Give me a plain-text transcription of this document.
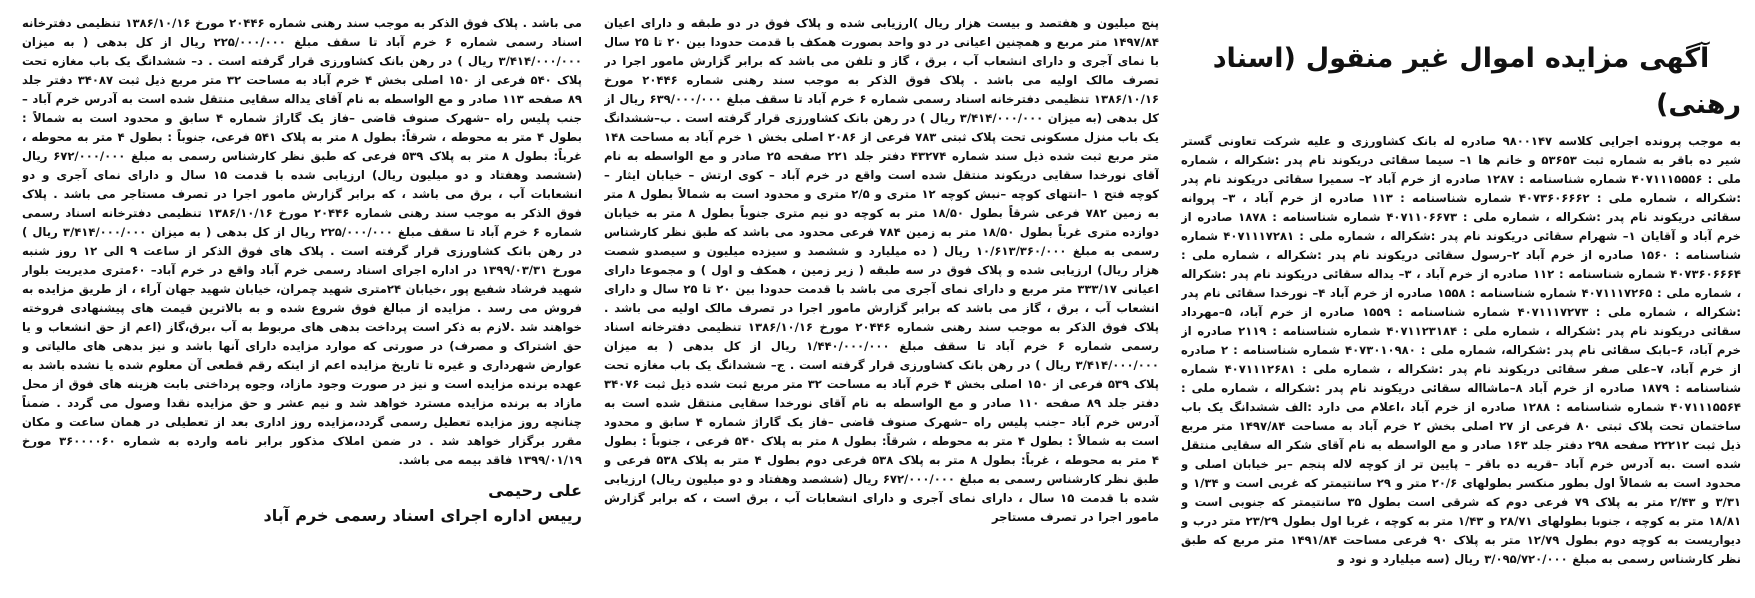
آگهی مزایده اموال غیر منقول (اسناد رهنی)

به موجب پرونده اجرایی کلاسه ۹۸۰۰۱۴۷ صادره له بانک کشاورزی و علیه شرکت تعاونی گستر شیر ده باقر به شماره ثبت ۵۳۶۵۳ و خانم ها ۱– سیما سقائی دریکوند نام پدر :شکراله ، شماره ملی : ۴۰۷۱۱۱۵۵۵۶ شماره شناسنامه : ۱۲۸۷ صادره از خرم آباد ۲– سمیرا سقائی دریکوند نام پدر :شکراله ، شماره ملی : ۴۰۷۳۶۰۶۶۶۲ شماره شناسنامه : ۱۱۳ صادره از خرم آباد ، ۳– پروانه سقائی دریکوند نام پدر :شکراله ، شماره ملی : ۴۰۷۱۱۰۶۶۷۳ شماره شناسنامه : ۱۸۷۸ صادره از خرم آباد و آقایان ۱– شهرام سقائی دریکوند نام پدر :شکراله ، شماره ملی : ۴۰۷۱۱۱۷۲۸۱ شماره شناسنامه : ۱۵۶۰ صادره از خرم آباد ۲–رسول سقائی دریکوند نام پدر :شکراله ، شماره ملی : ۴۰۷۳۶۰۶۶۶۴ شماره شناسنامه : ۱۱۲ صادره از خرم آباد ، ۳– یداله سقائی دریکوند نام پدر :شکراله ، شماره ملی : ۴۰۷۱۱۱۷۲۶۵ شماره شناسنامه : ۱۵۵۸ صادره از خرم آباد ۴– نورخدا سقائی نام پدر :شکراله ، شماره ملی : ۴۰۷۱۱۱۷۲۷۳ شماره شناسنامه : ۱۵۵۹ صادره از خرم آباد، ۵–مهرداد سقائی دریکوند نام پدر :شکراله ، شماره ملی : ۴۰۷۱۱۲۳۱۸۴ شماره شناسنامه : ۲۱۱۹ صادره از خرم آباد، ۶–بابک سقائی نام پدر :شکراله، شماره ملی : ۴۰۷۳۰۱۰۹۸۰ شماره شناسنامه : ۲ صادره از خرم آباد، ۷–علی صفر سقائی دریکوند نام پدر :شکراله ، شماره ملی : ۴۰۷۱۱۱۲۶۸۱ شماره شناسنامه : ۱۸۷۹ صادره از خرم آباد ۸–ماشااله سقائی دریکوند نام پدر :شکراله ، شماره ملی : ۴۰۷۱۱۱۵۵۶۴ شماره شناسنامه : ۱۲۸۸ صادره از خرم آباد ،اعلام می دارد :الف ششدانگ یک باب ساختمان تحت پلاک ثبتی ۸۰ فرعی از ۲۷ اصلی بخش ۲ خرم آباد به مساحت ۱۴۹۷/۸۴ متر مربع ذیل ثبت ۲۲۲۱۲ صفحه ۲۹۸ دفتر جلد ۱۶۳ صادر و مع الواسطه به نام آقای شکر اله سقایی منتقل شده است .به آدرس خرم آباد –قریه ده باقر – پایین تر از کوچه لاله پنجم –بر خیابان اصلی و محدود است به شمالاً اول بطور منکسر بطولهای ۲۰/۶ متر و ۲۹ سانتیمتر که غربی است و ۱/۳۴ و ۳/۳۱ و ۲/۴۳ متر به پلاک ۷۹ فرعی دوم که شرقی است بطول ۳۵ سانتیمتر که جنوبی است و ۱۸/۸۱ متر به کوچه ، جنوبا بطولهای ۲۸/۷۱ و ۱/۴۳ متر به کوچه ، غربا اول بطول ۲۳/۲۹ متر درب و دیواریست به کوچه دوم بطول ۱۲/۷۹ متر به پلاک ۹۰ فرعی مساحت ۱۴۹۱/۸۴ متر مربع که طبق نظر کارشناس رسمی به مبلغ ۳/۰۹۵/۷۲۰/۰۰۰ ریال (سه میلیارد و نود و

پنج میلیون و هفتصد و بیست هزار ریال )ارزیابی شده و پلاک فوق در دو طبقه و دارای اعیان ۱۴۹۷/۸۴ متر مربع و همچنین اعیانی در دو واحد بصورت همکف با قدمت حدودا بین ۲۰ تا ۲۵ سال با نمای آجری و دارای انشعاب آب ، برق ، گاز و تلفن می باشد که برابر گزارش مامور اجرا در تصرف مالک اولیه می باشد . پلاک فوق الذکر به موجب سند رهنی شماره ۲۰۴۴۶ مورخ ۱۳۸۶/۱۰/۱۶ تنظیمی دفترخانه اسناد رسمی شماره ۶ خرم آباد تا سقف مبلغ ۶۳۹/۰۰۰/۰۰۰ ریال از کل بدهی (به میزان ۳/۴۱۴/۰۰۰/۰۰۰ ریال ) در رهن بانک کشاورزی قرار گرفته است . ب–ششدانگ یک باب منزل مسکونی تحت پلاک ثبتی ۷۸۳ فرعی از ۲۰۸۶ اصلی بخش ۱ خرم آباد به مساحت ۱۴۸ متر مربع ثبت شده ذیل سند شماره ۴۳۲۷۴ دفتر جلد ۲۲۱ صفحه ۲۵ صادر و مع الواسطه به نام آقای نورخدا سقایی دریکوند منتقل شده است واقع در خرم آباد – کوی ارتش – خیابان ایثار – کوچه فتح ۱ –انتهای کوچه –نبش کوچه ۱۲ متری و ۲/۵ متری و محدود است به شمالاً بطول ۸ متر به زمین ۷۸۲ فرعی شرقاً بطول ۱۸/۵۰ متر به کوچه دو نیم متری جنوباً بطول ۸ متر به خیابان دوازده متری غرباً بطول ۱۸/۵۰ متر به زمین ۷۸۴ فرعی محدود می باشد که طبق نظر کارشناس رسمی به مبلغ ۱۰/۶۱۳/۳۶۰/۰۰۰ ریال ( ده میلیارد و ششصد و سیزده میلیون و سیصدو شصت هزار ریال) ارزیابی شده و پلاک فوق در سه طبقه ( زیر زمین ، همکف و اول ) و مجموعا دارای اعیانی ۳۳۳/۱۷ متر مربع و دارای نمای آجری می باشد با قدمت حدودا بین ۲۰ تا ۲۵ سال و دارای انشعاب آب ، برق ، گاز می باشد که برابر گزارش مامور اجرا در تصرف مالک اولیه می باشد . پلاک فوق الذکر به موجب سند رهنی شماره ۲۰۴۴۶ مورخ ۱۳۸۶/۱۰/۱۶ تنظیمی دفترخانه اسناد رسمی شماره ۶ خرم آباد تا سقف مبلغ ۱/۴۴۰/۰۰۰/۰۰۰ ریال از کل بدهی ( به میزان ۳/۴۱۴/۰۰۰/۰۰۰ ریال ) در رهن بانک کشاورزی قرار گرفته است . ج– ششدانگ یک باب مغازه تحت پلاک ۵۳۹ فرعی از ۱۵۰ اصلی بخش ۴ خرم آباد به مساحت ۳۲ متر مربع ثبت شده ذیل ثبت ۳۴۰۷۶ دفتر جلد ۸۹ صفحه ۱۱۰ صادر و مع الواسطه به نام آقای نورخدا سقایی منتقل شده است به آدرس خرم آباد –جنب پلیس راه –شهرک صنوف قاضی –فاز یک گاراژ شماره ۴ سابق و محدود است به شمالاً : بطول ۴ متر به محوطه ، شرقاً: بطول ۸ متر به پلاک ۵۴۰ فرعی ، جنوباً : بطول ۴ متر به محوطه ، غرباً: بطول ۸ متر به پلاک ۵۳۸ فرعی دوم بطول ۴ متر به پلاک ۵۳۸ فرعی و طبق نظر کارشناس رسمی به مبلغ ۶۷۲/۰۰۰/۰۰۰ ریال (ششصد وهفتاد و دو میلیون ریال) ارزیابی شده با قدمت ۱۵ سال ، دارای نمای آجری و دارای انشعابات آب ، برق است ، که برابر گزارش مامور اجرا در تصرف مستاجر

می باشد . پلاک فوق الذکر به موجب سند رهنی شماره ۲۰۴۴۶ مورخ ۱۳۸۶/۱۰/۱۶ تنظیمی دفترخانه اسناد رسمی شماره ۶ خرم آباد تا سقف مبلغ ۲۲۵/۰۰۰/۰۰۰ ریال از کل بدهی ( به میزان ۳/۴۱۴/۰۰۰/۰۰۰ ریال ) در رهن بانک کشاورزی قرار گرفته است . د– ششدانگ یک باب مغازه تحت پلاک ۵۴۰ فرعی از ۱۵۰ اصلی بخش ۴ خرم آباد به مساحت ۳۲ متر مربع ذیل ثبت ۳۴۰۸۷ دفتر جلد ۸۹ صفحه ۱۱۳ صادر و مع الواسطه به نام آقای یداله سقایی منتقل شده است به آدرس خرم آباد –جنب پلیس راه –شهرک صنوف قاضی –فاز یک گاراژ شماره ۴ سابق و محدود است به شمالاً : بطول ۴ متر به محوطه ، شرقاً: بطول ۸ متر به پلاک ۵۴۱ فرعی، جنوباً : بطول ۴ متر به محوطه ، غرباً: بطول ۸ متر به پلاک ۵۳۹ فرعی که طبق نظر کارشناس رسمی به مبلغ ۶۷۲/۰۰۰/۰۰۰ ریال (ششصد وهفتاد و دو میلیون ریال) ارزیابی شده با قدمت ۱۵ سال و دارای نمای آجری و دو انشعابات آب ، برق می باشد ، که برابر گزارش مامور اجرا در تصرف مستاجر می باشد . پلاک فوق الذکر به موجب سند رهنی شماره ۲۰۴۴۶ مورخ ۱۳۸۶/۱۰/۱۶ تنظیمی دفترخانه اسناد رسمی شماره ۶ خرم آباد تا سقف مبلغ ۲۲۵/۰۰۰/۰۰۰ ریال از کل بدهی ( به میزان ۳/۴۱۴/۰۰۰/۰۰۰ ریال ) در رهن بانک کشاورزی قرار گرفته است . پلاک های فوق الذکر از ساعت ۹ الی ۱۲ روز شنبه مورخ ۱۳۹۹/۰۳/۳۱ در اداره اجرای اسناد رسمی خرم آباد واقع در خرم آباد– ۶۰متری مدیریت بلوار شهید فرشاد شفیع پور ،خیابان ۲۴متری شهید چمران، خیابان شهید جهان آراء ، از طریق مزایده به فروش می رسد . مزایده از مبالغ فوق شروع شده و به بالاترین قیمت های پیشنهادی فروخته خواهند شد .لازم به ذکر است پرداخت بدهی های مربوط به آب ،برق،گاز (اعم از حق انشعاب و یا حق اشتراک و مصرف) در صورتی که موارد مزایده دارای آنها باشد و نیز بدهی های مالیاتی و عوارض شهرداری و غیره تا تاریخ مزایده اعم از اینکه رقم قطعی آن معلوم شده یا نشده باشد به عهده برنده مزایده است و نیز در صورت وجود مازاد، وجوه پرداختی بابت هزینه های فوق از محل مازاد به برنده مزایده مسترد خواهد شد و نیم عشر و حق مزایده نقدا وصول می گردد . ضمناً چنانچه روز مزایده تعطیل رسمی گردد،مزایده روز اداری بعد از تعطیلی در همان ساعت و مکان مقرر برگزار خواهد شد . در ضمن املاک مذکور برابر نامه وارده به شماره ۳۶۰۰۰۰۶۰ مورخ ۱۳۹۹/۰۱/۱۹ فاقد بیمه می باشد.

علی رحیمی
رییس اداره اجرای اسناد رسمی خرم آباد
